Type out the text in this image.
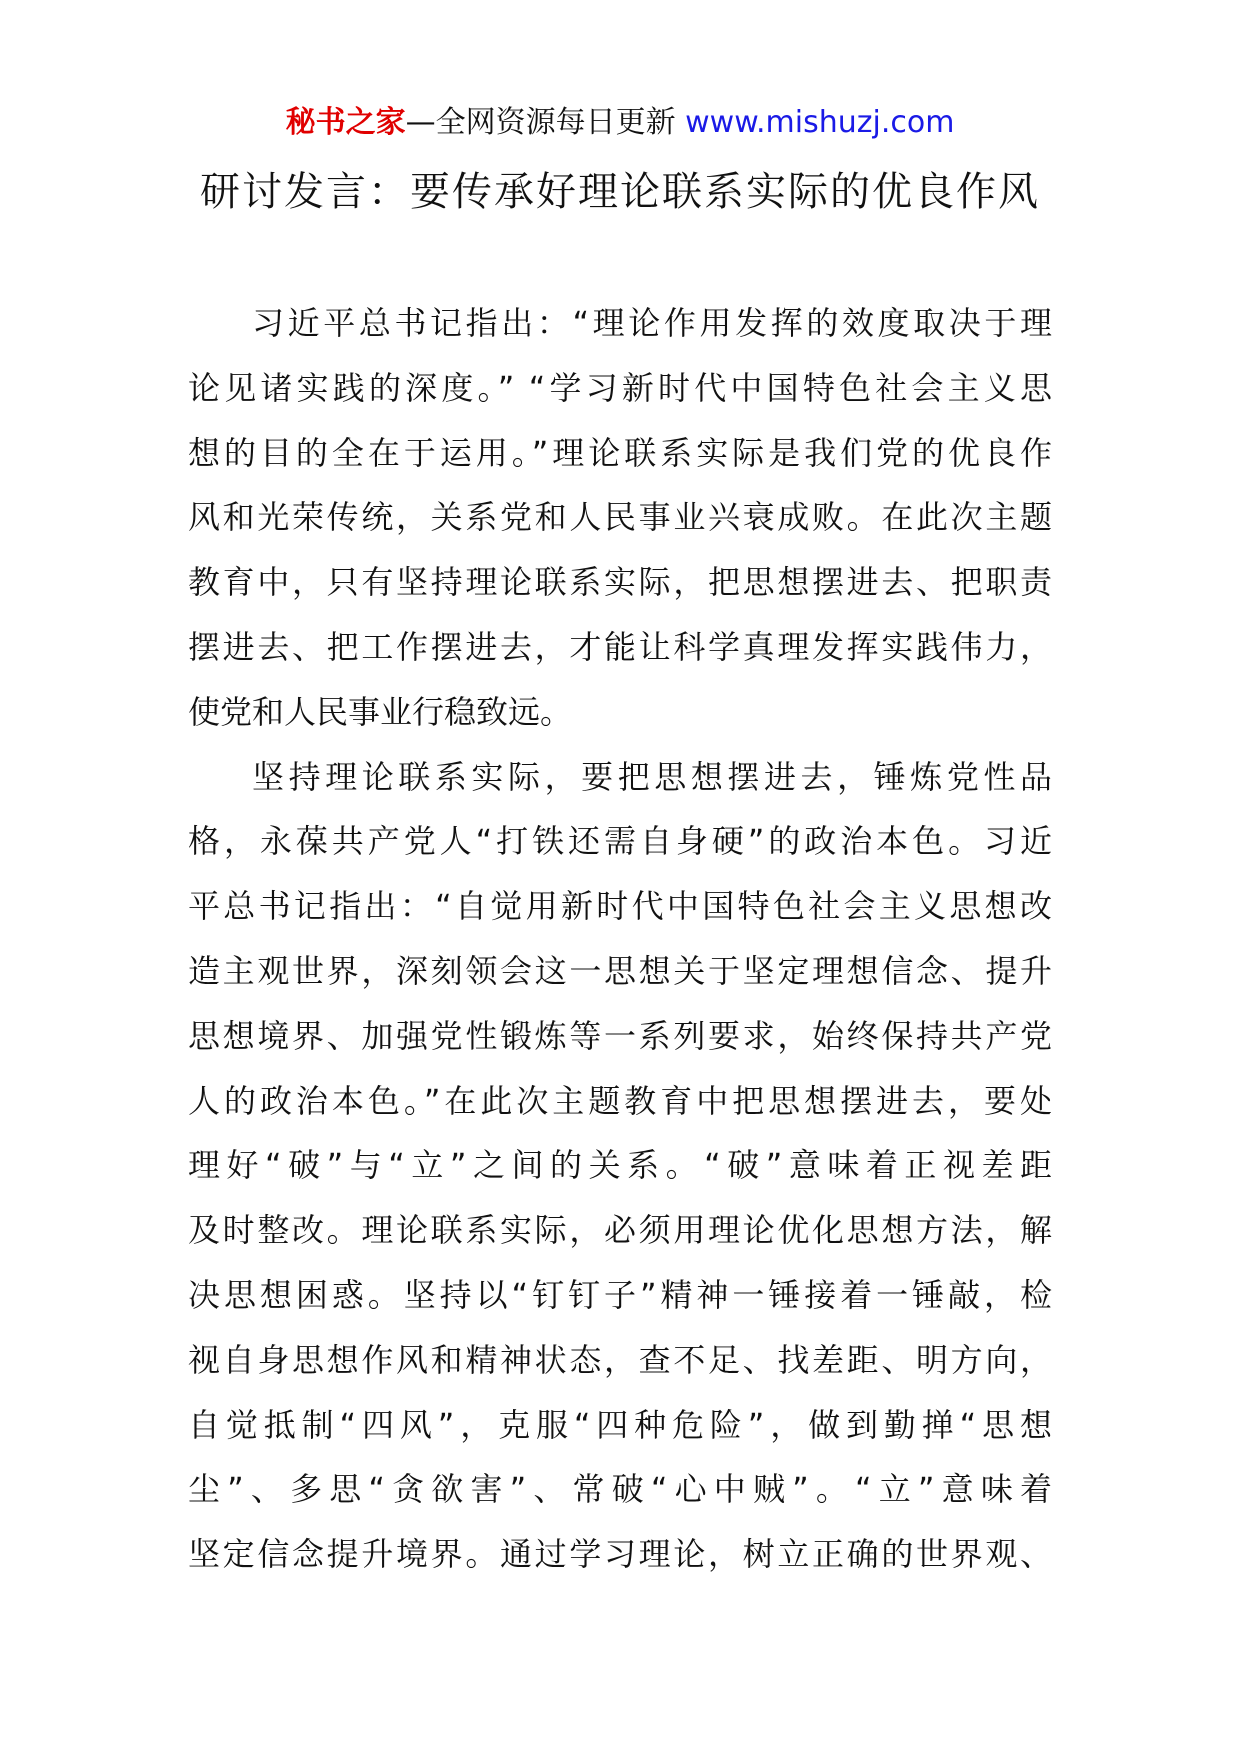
秘书之家—全网资源每日更新 www.mishuzj.com
研讨发言：要传承好理论联系实际的优良作风
习近平总书记指出：“理论作用发挥的效度取决于理
论见诸实践的深度。” “学习新时代中国特色社会主义思
想的目的全在于运用。”理论联系实际是我们党的优良作
风和光荣传统，关系党和人民事业兴衰成败。在此次主题
教育中，只有坚持理论联系实际，把思想摆进去、把职责
摆进去、把工作摆进去，才能让科学真理发挥实践伟力，
使党和人民事业行稳致远。
坚持理论联系实际，要把思想摆进去，锤炼党性品
格，永葆共产党人“打铁还需自身硬”的政治本色。习近
平总书记指出：“自觉用新时代中国特色社会主义思想改
造主观世界，深刻领会这一思想关于坚定理想信念、提升
思想境界、加强党性锻炼等一系列要求，始终保持共产党
人的政治本色。”在此次主题教育中把思想摆进去，要处
理好“破”与“立”之间的关系。“破”意味着正视差距
及时整改。理论联系实际，必须用理论优化思想方法，解
决思想困惑。坚持以“钉钉子”精神一锤接着一锤敲，检
视自身思想作风和精神状态，查不足、找差距、明方向，
自觉抵制“四风”，克服“四种危险”，做到勤掸“思想
尘”、多思“贪欲害”、常破“心中贼”。“立”意味着
坚定信念提升境界。通过学习理论，树立正确的世界观、
